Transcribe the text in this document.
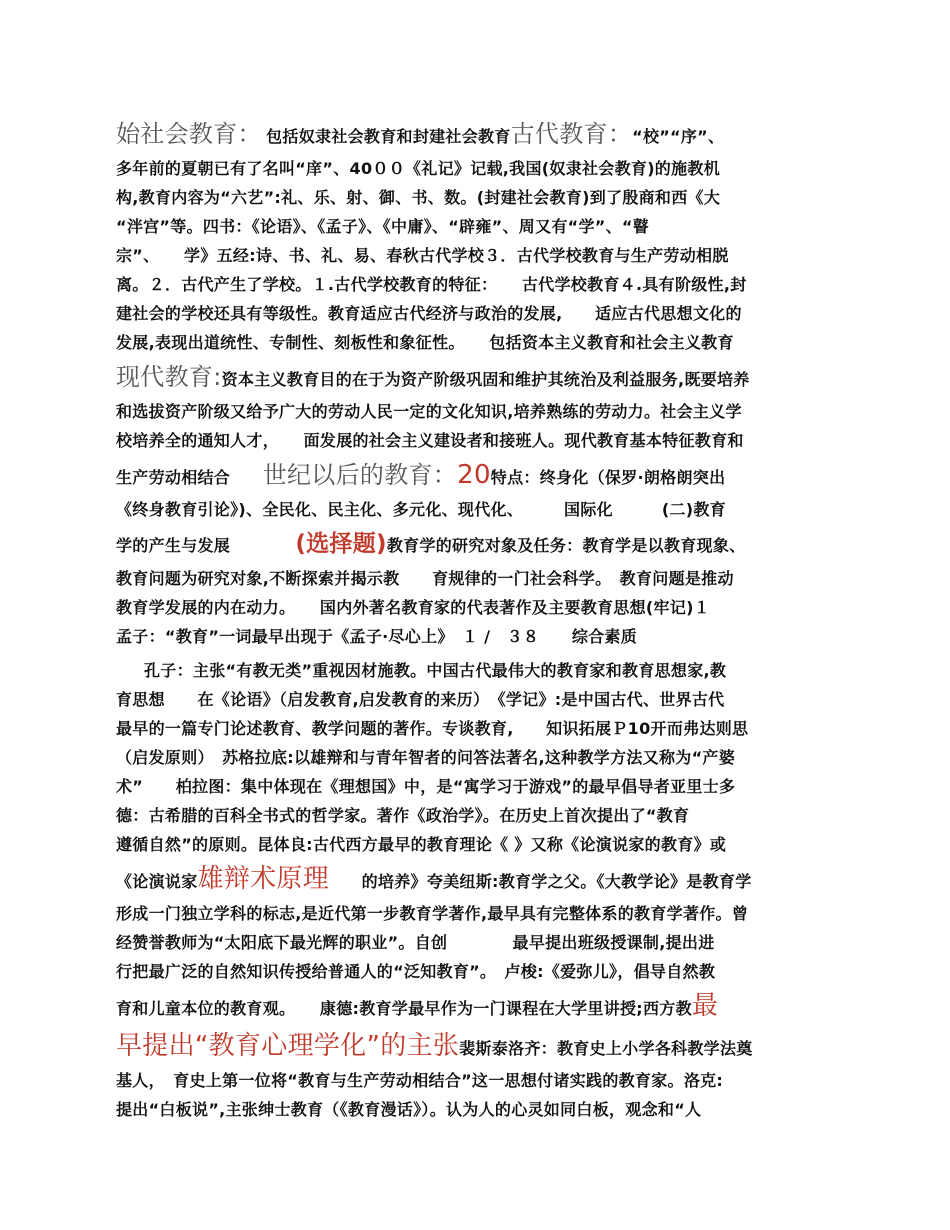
始社会教育：　包括奴隶社会教育和封建社会教育古代教育：“校”“序”、
多年前的夏朝已有了名叫“庠”、40００《礼记》记载,我国(奴隶社会教育)的施教机
构,教育内容为“六艺”:礼、乐、射、御、书、数。(封建社会教育)到了殷商和西《大
“泮宫”等。四书：《论语》、《孟子》、《中庸》、“辟雍”、周又有“学”、“瞽
宗”、　　学》五经:诗、书、礼、易、春秋古代学校３．古代学校教育与生产劳动相脱
离。２．古代产生了学校。１.古代学校教育的特征：　　古代学校教育４.具有阶级性,封
建社会的学校还具有等级性。教育适应古代经济与政治的发展,　　适应古代思想文化的
发展,表现出道统性、专制性、刻板性和象征性。　　包括资本主义教育和社会主义教育
现代教育:资本主义教育目的在于为资产阶级巩固和维护其统治及利益服务,既要培养
和选拔资产阶级又给予广大的劳动人民一定的文化知识,培养熟练的劳动力。社会主义学
校培养全的通知人才，　　面发展的社会主义建设者和接班人。现代教育基本特征教育和
生产劳动相结合　　世纪以后的教育：20特点：终身化（保罗·朗格朗突出
《终身教育引论》)、全民化、民主化、多元化、现代化、　　　国际化　　　(二)教育
学的产生与发展　　　　(选择题)教育学的研究对象及任务：教育学是以教育现象、
教育问题为研究对象,不断探索并揭示教　　育规律的一门社会科学。　教育问题是推动
教育学发展的内在动力。　　国内外著名教育家的代表著作及主要教育思想(牢记)１
孟子：“教育”一词最早出现于《孟子·尽心上》　１ /　３８　　综合素质
孔子：主张“有教无类”重视因材施教。中国古代最伟大的教育家和教育思想家,教
育思想　　在《论语》（启发教育,启发教育的来历）　《学记》:是中国古代、世界古代
最早的一篇专门论述教育、教学问题的著作。专谈教育,　　知识拓展Ｐ10开而弗达则思
（启发原则）　苏格拉底:以雄辩和与青年智者的问答法著名,这种教学方法又称为“产婆
术”　　柏拉图：集中体现在《理想国》中，是“寓学习于游戏”的最早倡导者亚里士多
德：古希腊的百科全书式的哲学家。著作《政治学》。在历史上首次提出了“教育
遵循自然”的原则。昆体良:古代西方最早的教育理论《 》又称《论演说家的教育》或
《论演说家雄辩术原理　　的培养》夸美纽斯:教育学之父。《大教学论》是教育学
形成一门独立学科的标志,是近代第一步教育学著作,最早具有完整体系的教育学著作。曾
经赞誉教师为“太阳底下最光辉的职业”。自创　　　　最早提出班级授课制,提出进
行把最广泛的自然知识传授给普通人的“泛知教育”。　卢梭:《爱弥儿》，倡导自然教
育和儿童本位的教育观。　　康德:教育学最早作为一门课程在大学里讲授;西方教最
早提出“教育心理学化”的主张裴斯泰洛齐：教育史上小学各科教学法奠
基人，　育史上第一位将“教育与生产劳动相结合”这一思想付诸实践的教育家。洛克:
提出“白板说”,主张绅士教育（《教育漫话》）。认为人的心灵如同白板，观念和“人
